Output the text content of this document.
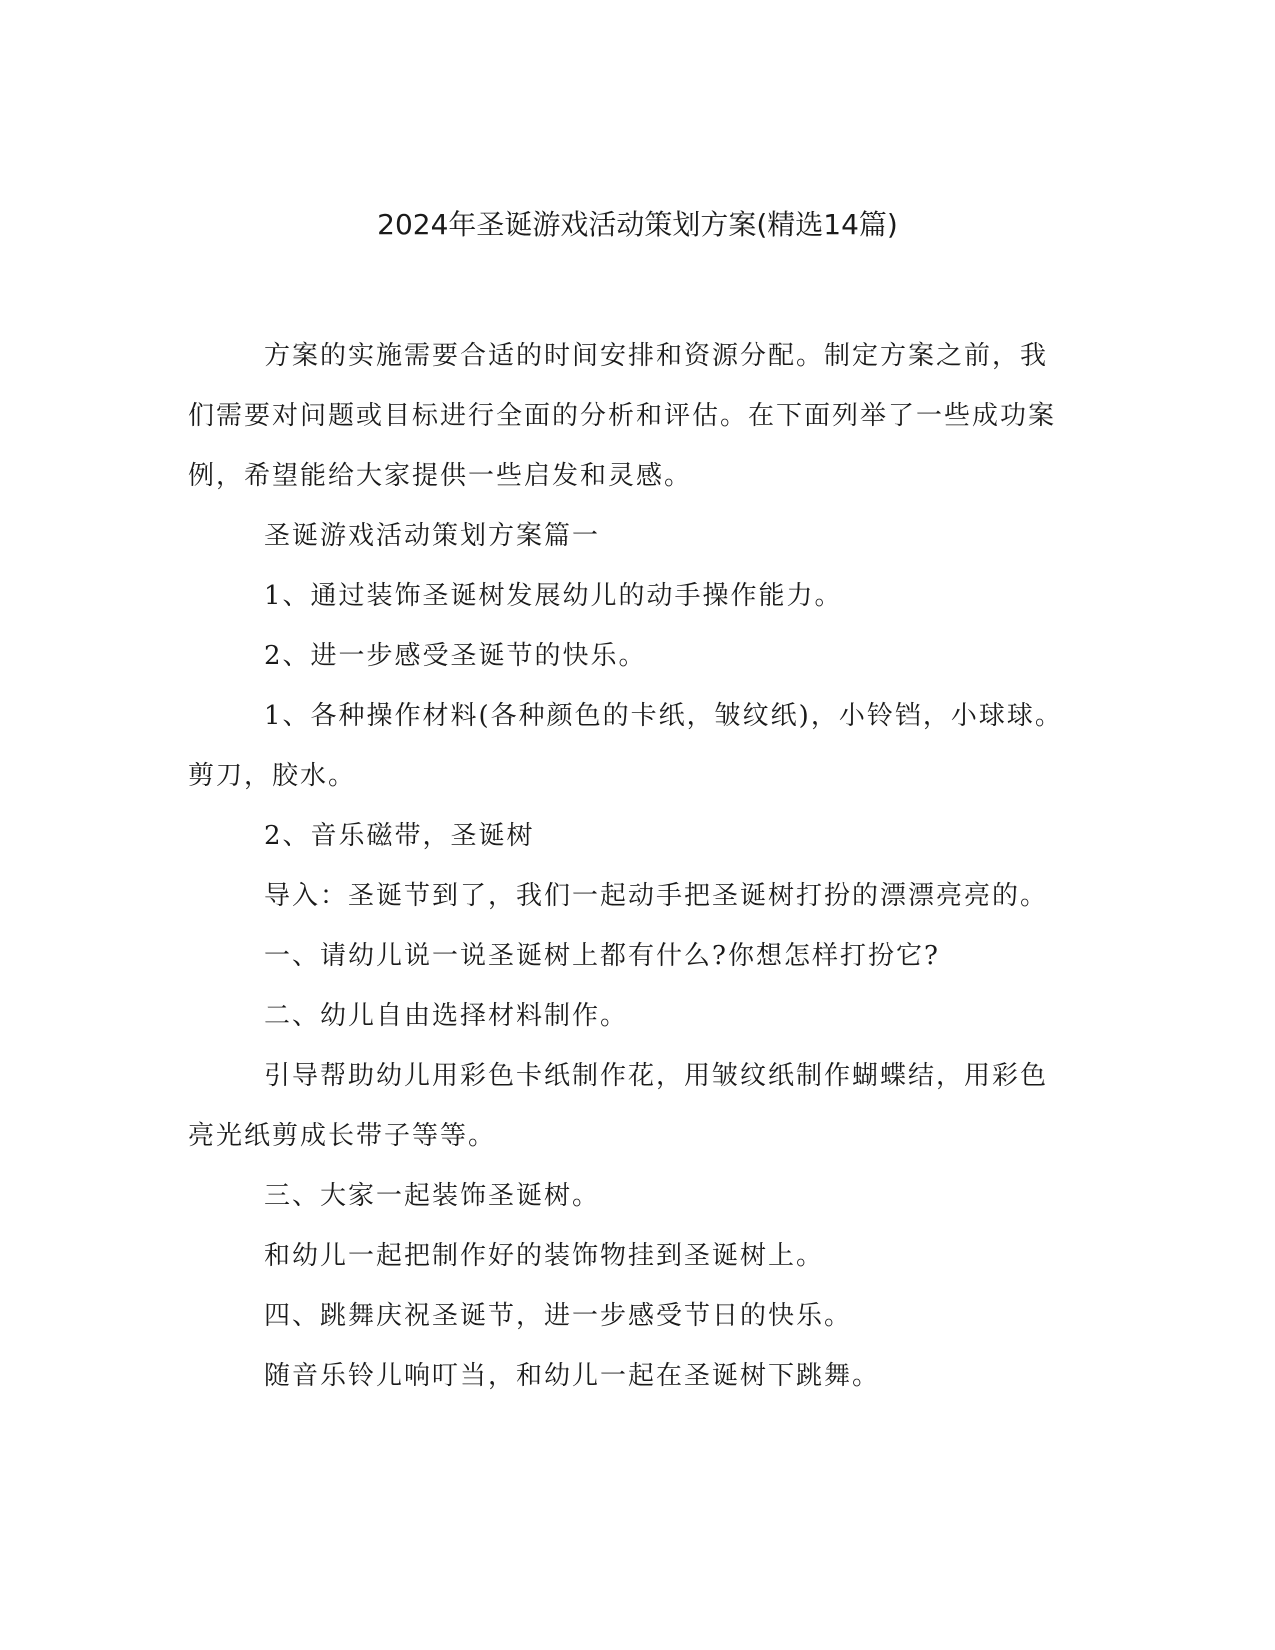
2024年圣诞游戏活动策划方案(精选14篇)

方案的实施需要合适的时间安排和资源分配。制定方案之前，我们需要对问题或目标进行全面的分析和评估。在下面列举了一些成功案例，希望能给大家提供一些启发和灵感。

圣诞游戏活动策划方案篇一

1、通过装饰圣诞树发展幼儿的动手操作能力。

2、进一步感受圣诞节的快乐。

1、各种操作材料(各种颜色的卡纸，皱纹纸)，小铃铛，小球球。剪刀，胶水。

2、音乐磁带，圣诞树

导入：圣诞节到了，我们一起动手把圣诞树打扮的漂漂亮亮的。

一、请幼儿说一说圣诞树上都有什么?你想怎样打扮它?

二、幼儿自由选择材料制作。

引导帮助幼儿用彩色卡纸制作花，用皱纹纸制作蝴蝶结，用彩色亮光纸剪成长带子等等。

三、大家一起装饰圣诞树。

和幼儿一起把制作好的装饰物挂到圣诞树上。

四、跳舞庆祝圣诞节，进一步感受节日的快乐。

随音乐铃儿响叮当，和幼儿一起在圣诞树下跳舞。
